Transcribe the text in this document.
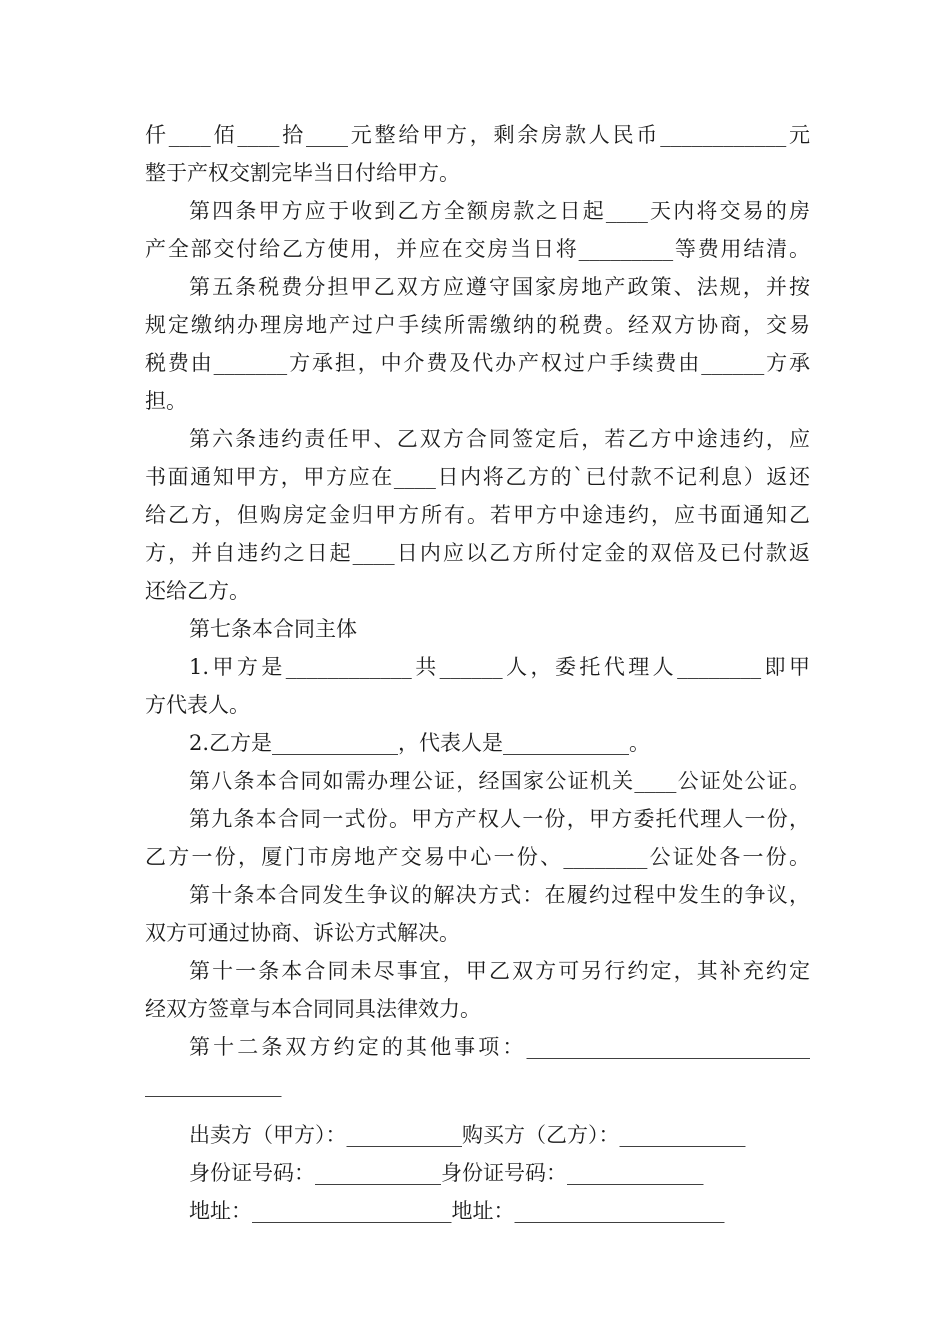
仟____佰____拾____元整给甲方，剩余房款人民币____________元
整于产权交割完毕当日付给甲方。
第四条甲方应于收到乙方全额房款之日起____天内将交易的房
产全部交付给乙方使用，并应在交房当日将_________等费用结清。
第五条税费分担甲乙双方应遵守国家房地产政策、法规，并按
规定缴纳办理房地产过户手续所需缴纳的税费。经双方协商，交易
税费由_______方承担，中介费及代办产权过户手续费由______方承
担。
第六条违约责任甲、乙双方合同签定后，若乙方中途违约，应
书面通知甲方，甲方应在____日内将乙方的`已付款不记利息）返还
给乙方，但购房定金归甲方所有。若甲方中途违约，应书面通知乙
方，并自违约之日起____日内应以乙方所付定金的双倍及已付款返
还给乙方。
第七条本合同主体
1.甲方是____________共______人，委托代理人________即甲
方代表人。
2.乙方是____________，代表人是____________。
第八条本合同如需办理公证，经国家公证机关____公证处公证。
第九条本合同一式份。甲方产权人一份，甲方委托代理人一份，
乙方一份，厦门市房地产交易中心一份、________公证处各一份。
第十条本合同发生争议的解决方式：在履约过程中发生的争议，
双方可通过协商、诉讼方式解决。
第十一条本合同未尽事宜，甲乙双方可另行约定，其补充约定
经双方签章与本合同同具法律效力。
第十二条双方约定的其他事项：___________________________
_____________
出卖方（甲方）：___________购买方（乙方）：____________
身份证号码：____________身份证号码：_____________
地址：___________________地址：____________________
